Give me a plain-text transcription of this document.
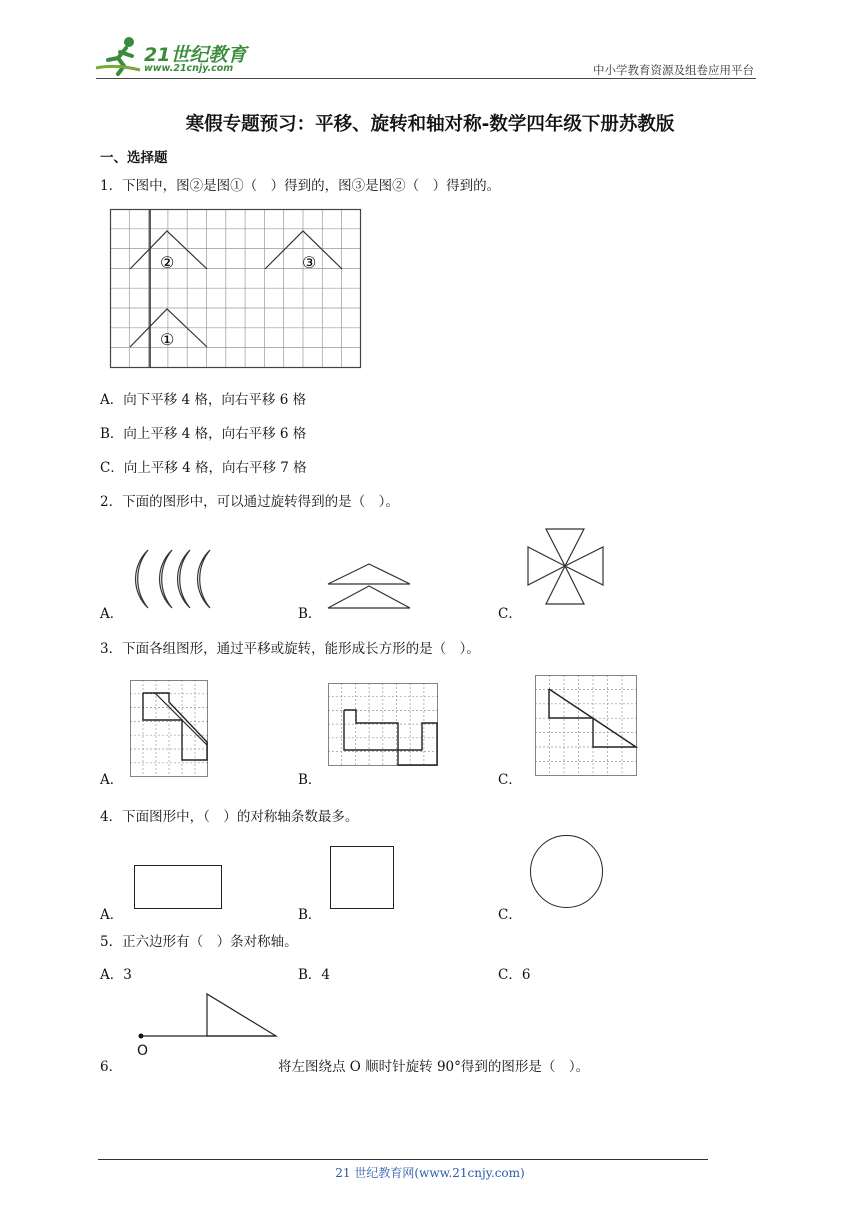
21世纪教育
www.21cnjy.com	中小学教育资源及组卷应用平台
寒假专题预习：平移、旋转和轴对称-数学四年级下册苏教版
一、选择题
1．下图中，图②是图①（　）得到的，图③是图②（　）得到的。
②	③
①
A．向下平移 4 格，向右平移 6 格
B．向上平移 4 格，向右平移 6 格
C．向上平移 4 格，向右平移 7 格
2．下面的图形中，可以通过旋转得到的是（　）。
A．	B．	C．
3．下面各组图形，通过平移或旋转，能形成长方形的是（　）。
A．	B．	C．
4．下面图形中，（　）的对称轴条数最多。
A．	B．	C．
5．正六边形有（　）条对称轴。
A．3	B．4	C．6
O
6．	将左图绕点 O 顺时针旋转 90°得到的图形是（　）。
21 世纪教育网(www.21cnjy.com)
